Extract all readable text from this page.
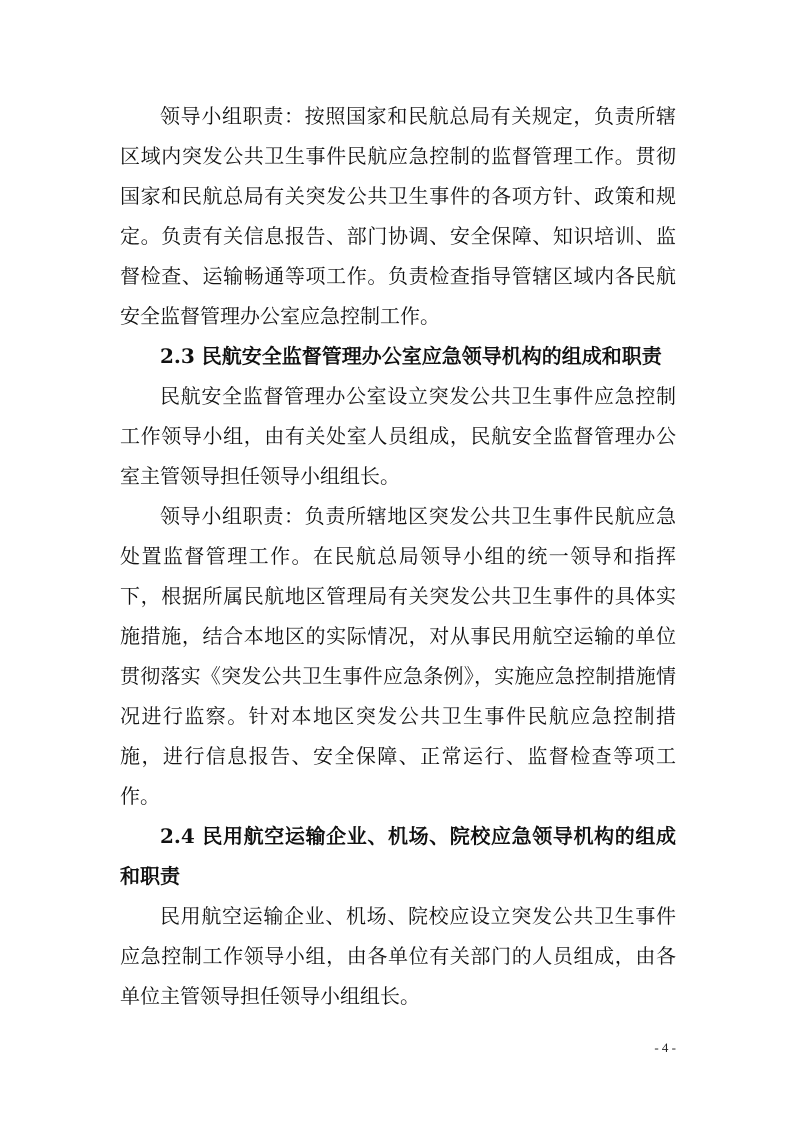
领导小组职责：按照国家和民航总局有关规定，负责所辖区域内突发公共卫生事件民航应急控制的监督管理工作。贯彻国家和民航总局有关突发公共卫生事件的各项方针、政策和规定。负责有关信息报告、部门协调、安全保障、知识培训、监督检查、运输畅通等项工作。负责检查指导管辖区域内各民航安全监督管理办公室应急控制工作。

2.3 民航安全监督管理办公室应急领导机构的组成和职责

民航安全监督管理办公室设立突发公共卫生事件应急控制工作领导小组，由有关处室人员组成，民航安全监督管理办公室主管领导担任领导小组组长。

领导小组职责：负责所辖地区突发公共卫生事件民航应急处置监督管理工作。在民航总局领导小组的统一领导和指挥下，根据所属民航地区管理局有关突发公共卫生事件的具体实施措施，结合本地区的实际情况，对从事民用航空运输的单位贯彻落实《突发公共卫生事件应急条例》，实施应急控制措施情况进行监察。针对本地区突发公共卫生事件民航应急控制措施，进行信息报告、安全保障、正常运行、监督检查等项工作。

2.4 民用航空运输企业、机场、院校应急领导机构的组成和职责

民用航空运输企业、机场、院校应设立突发公共卫生事件应急控制工作领导小组，由各单位有关部门的人员组成，由各单位主管领导担任领导小组组长。

- 4 -
